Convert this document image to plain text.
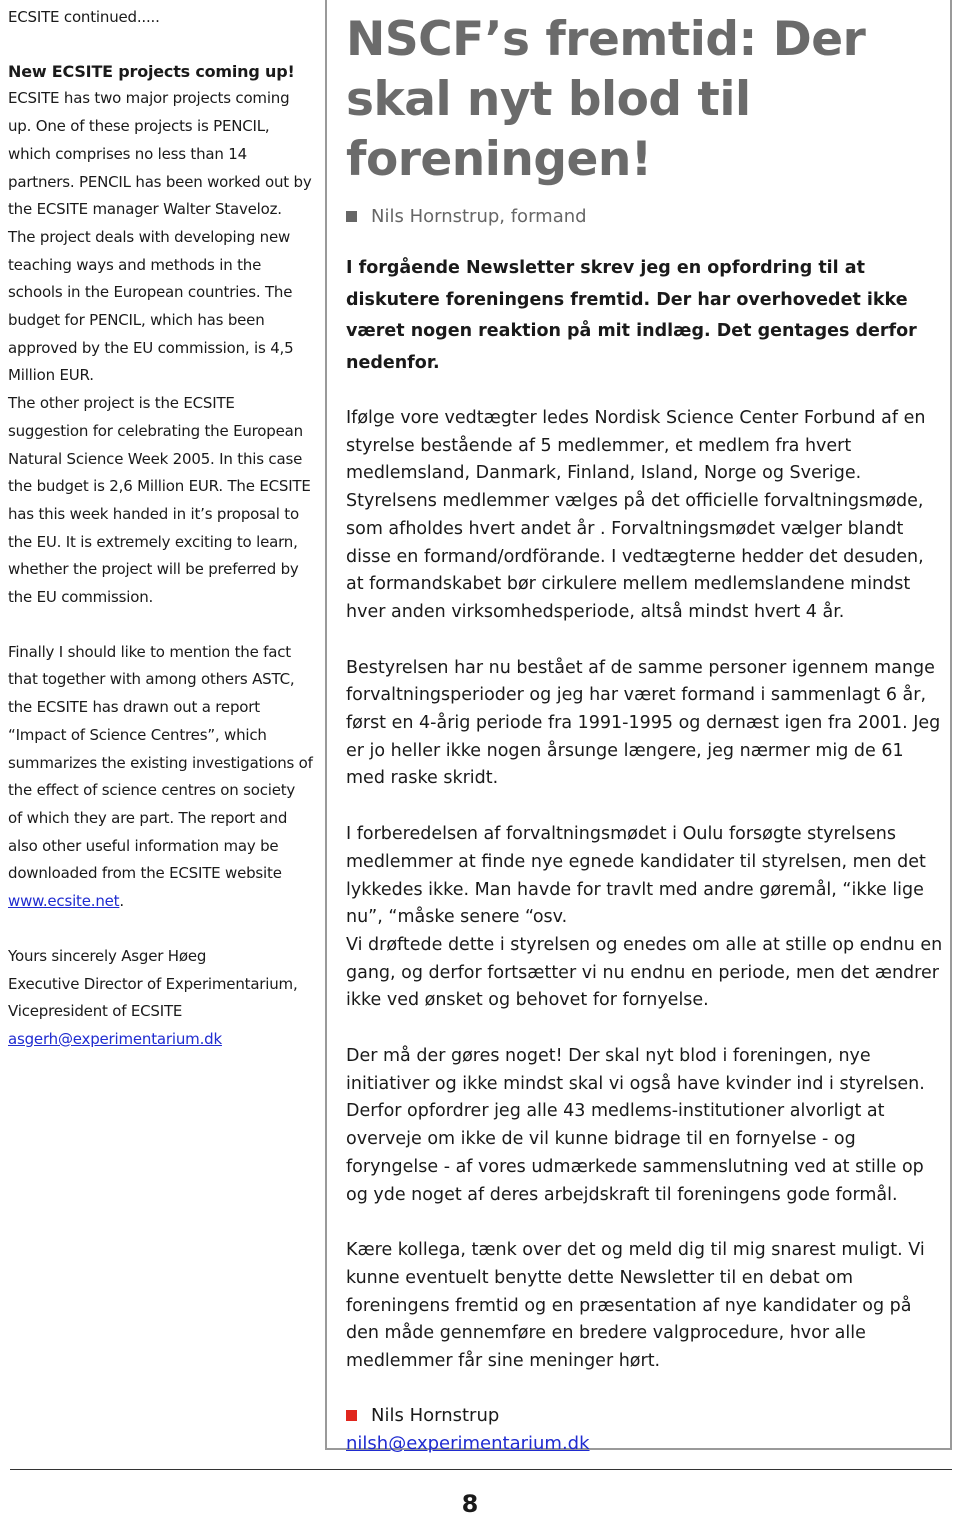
ECSITE continued.....

New ECSITE projects coming up!

ECSITE has two major projects coming up. One of these projects is PENCIL, which comprises no less than 14 partners. PENCIL has been worked out by the ECSITE manager Walter Staveloz. The project deals with developing new teaching ways and methods in the schools in the European countries. The budget for PENCIL, which has been approved by the EU commission, is 4,5 Million EUR.

The other project is the ECSITE suggestion for celebrating the European Natural Science Week 2005. In this case the budget is 2,6 Million EUR. The ECSITE has this week handed in it’s proposal to the EU. It is extremely exciting to learn, whether the project will be preferred by the EU commission.

Finally I should like to mention the fact that together with among others ASTC, the ECSITE has drawn out a report “Impact of Science Centres”, which summarizes the existing investigations of the effect of science centres on society of which they are part. The report and also other useful information may be downloaded from the ECSITE website www.ecsite.net.

Yours sincerely Asger Høeg

Executive Director of Experimentarium,

Vicepresident of ECSITE

asgerh@experimentarium.dk

NSCF’s fremtid: Der skal nyt blod til foreningen!
Nils Hornstrup, formand
I forgående Newsletter skrev jeg en opfordring til at diskutere foreningens fremtid. Der har overhovedet ikke været nogen reaktion på mit indlæg. Det gentages derfor nedenfor.

Ifølge vore vedtægter ledes Nordisk Science Center Forbund af en styrelse bestående af 5 medlemmer, et medlem fra hvert medlemsland, Danmark, Finland, Island, Norge og Sverige. Styrelsens medlemmer vælges på det officielle forvaltningsmøde, som afholdes hvert andet år . Forvaltningsmødet vælger blandt disse en formand/ordförande. I vedtægterne hedder det desuden, at formandskabet bør cirkulere mellem medlemslandene mindst hver anden virksomhedsperiode, altså mindst hvert 4 år.

Bestyrelsen har nu bestået af de samme personer igennem mange forvaltningsperioder og jeg har været formand i sammenlagt 6 år, først en 4-årig periode fra 1991-1995 og dernæst igen fra 2001. Jeg er jo heller ikke nogen årsunge længere, jeg nærmer mig de 61 med raske skridt.

I forberedelsen af forvaltningsmødet i Oulu forsøgte styrelsens medlemmer at finde nye egnede kandidater til styrelsen, men det lykkedes ikke. Man havde for travlt med andre gøremål, “ikke lige nu”, “måske senere “osv.

Vi drøftede dette i styrelsen og enedes om alle at stille op endnu en gang, og derfor fortsætter vi nu endnu en periode, men det ændrer ikke ved ønsket og behovet for fornyelse.

Der må der gøres noget! Der skal nyt blod i foreningen, nye initiativer og ikke mindst skal vi også have kvinder ind i styrelsen. Derfor opfordrer jeg alle 43 medlems-institutioner alvorligt at overveje om ikke de vil kunne bidrage til en fornyelse - og foryngelse - af vores udmærkede sammenslutning ved at stille op og yde noget af deres arbejdskraft til foreningens gode formål.

Kære kollega, tænk over det og meld dig til mig snarest muligt. Vi kunne eventuelt benytte dette Newsletter til en debat om foreningens fremtid og en præsentation af nye kandidater og på den måde gennemføre en bredere valgprocedure, hvor alle medlemmer får sine meninger hørt.

Nils Hornstrup
nilsh@experimentarium.dk
8
